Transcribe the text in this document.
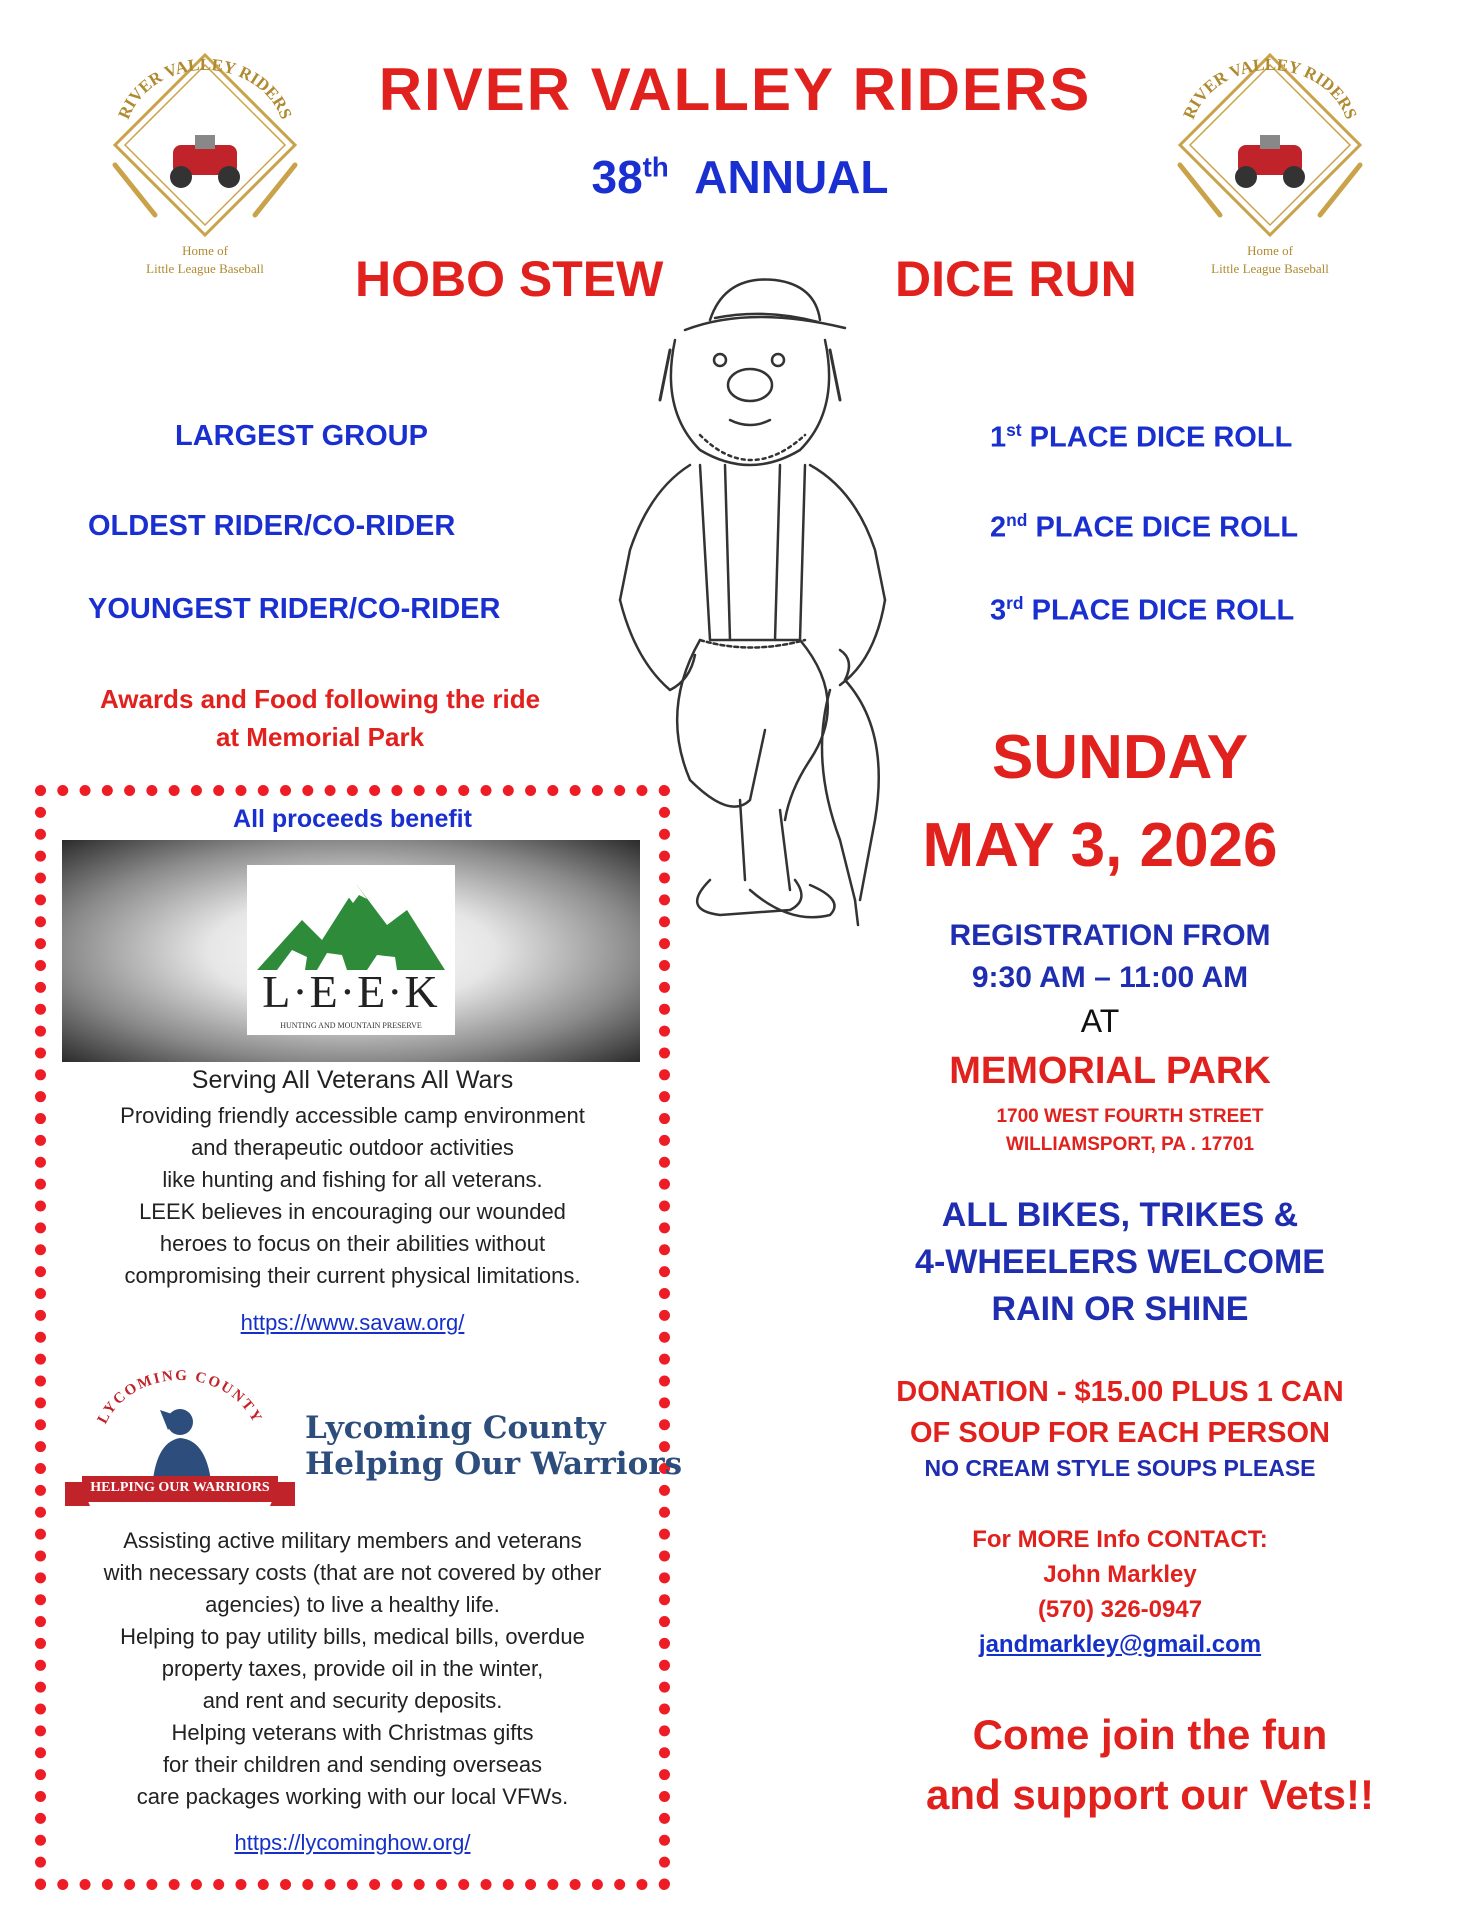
RIVER VALLEY RIDERS
Home of
Little League Baseball
RIVER VALLEY RIDERS
Home of
Little League Baseball
RIVER VALLEY RIDERS
38th ANNUAL
HOBO STEW	DICE RUN
LARGEST GROUP
OLDEST RIDER/CO-RIDER
YOUNGEST RIDER/CO-RIDER
Awards and Food following the ride
at Memorial Park
1st PLACE DICE ROLL
2nd PLACE DICE ROLL
3rd PLACE DICE ROLL
All proceeds benefit
L·E·E·K
HUNTING AND MOUNTAIN PRESERVE
Serving All Veterans All Wars
Providing friendly accessible camp environment
and therapeutic outdoor activities
like hunting and fishing for all veterans.
LEEK believes in encouraging our wounded
heroes to focus on their abilities without
compromising their current physical limitations.
https://www.savaw.org/
LYCOMING COUNTY
HELPING OUR WARRIORS
Lycoming County
Helping Our Warriors
Assisting active military members and veterans
with necessary costs (that are not covered by other
agencies) to live a healthy life.
Helping to pay utility bills, medical bills, overdue
property taxes, provide oil in the winter,
and rent and security deposits.
Helping veterans with Christmas gifts
for their children and sending overseas
care packages working with our local VFWs.
https://lycominghow.org/
SUNDAY
MAY 3, 2026
REGISTRATION FROM
9:30 AM – 11:00 AM
AT
MEMORIAL PARK
1700 WEST FOURTH STREET
WILLIAMSPORT, PA . 17701
ALL BIKES, TRIKES &
4-WHEELERS WELCOME
RAIN OR SHINE
DONATION - $15.00 PLUS 1 CAN
OF SOUP FOR EACH PERSON
NO CREAM STYLE SOUPS PLEASE
For MORE Info CONTACT:
John Markley
(570) 326-0947
jandmarkley@gmail.com
Come join the fun
and support our Vets!!
